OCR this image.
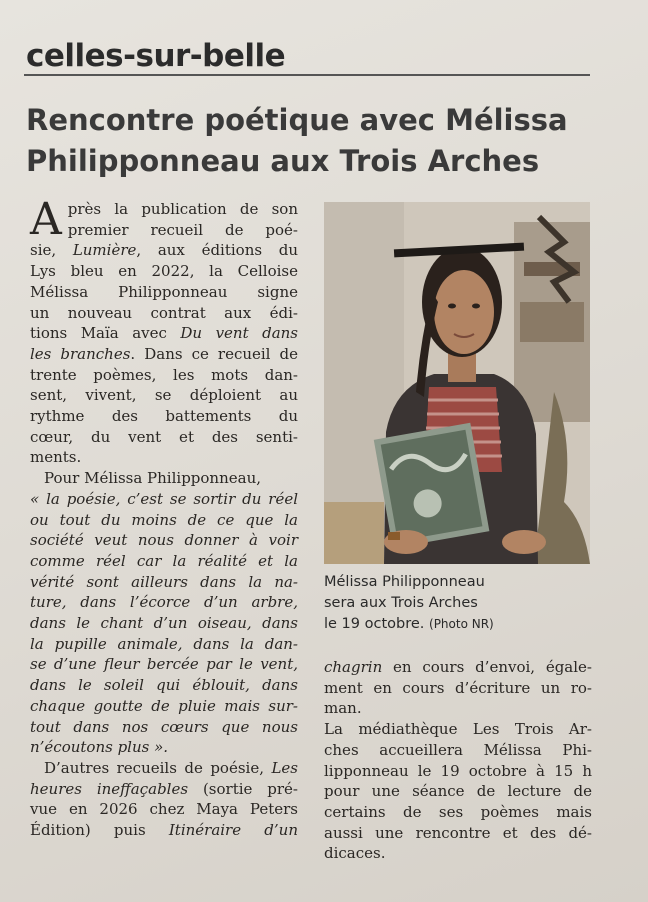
celles-sur-belle
Rencontre poétique avec Mélissa
Philipponneau aux Trois Arches

A près la publication de son
premier recueil de poé-
sie, Lumière, aux éditions du
Lys bleu en 2022, la Celloise
Mélissa Philipponneau signe
un nouveau contrat aux édi-
tions Maïa avec Du vent dans
les branches. Dans ce recueil de
trente poèmes, les mots dan-
sent, vivent, se déploient au
rythme des battements du
cœur, du vent et des senti-
ments.

Pour Mélissa Philipponneau,
« la poésie, c’est se sortir du réel
ou tout du moins de ce que la
société veut nous donner à voir
comme réel car la réalité et la
vérité sont ailleurs dans la na-
ture, dans l’écorce d’un arbre,
dans le chant d’un oiseau, dans
la pupille animale, dans la dan-
se d’une fleur bercée par le vent,
dans le soleil qui éblouit, dans
chaque goutte de pluie mais sur-
tout dans nos cœurs que nous
n’écoutons plus ».

D’autres recueils de poésie, Les
heures ineffaçables (sortie pré-
vue en 2026 chez Maya Peters
Édition) puis Itinéraire d’un

Mélissa Philipponneau
sera aux Trois Arches
le 19 octobre. (Photo NR)

chagrin en cours d’envoi, égale-
ment en cours d’écriture un ro-
man.

La médiathèque Les Trois Ar-
ches accueillera Mélissa Phi-
lipponneau le 19 octobre à 15 h
pour une séance de lecture de
certains de ses poèmes mais
aussi une rencontre et des dé-
dicaces.
